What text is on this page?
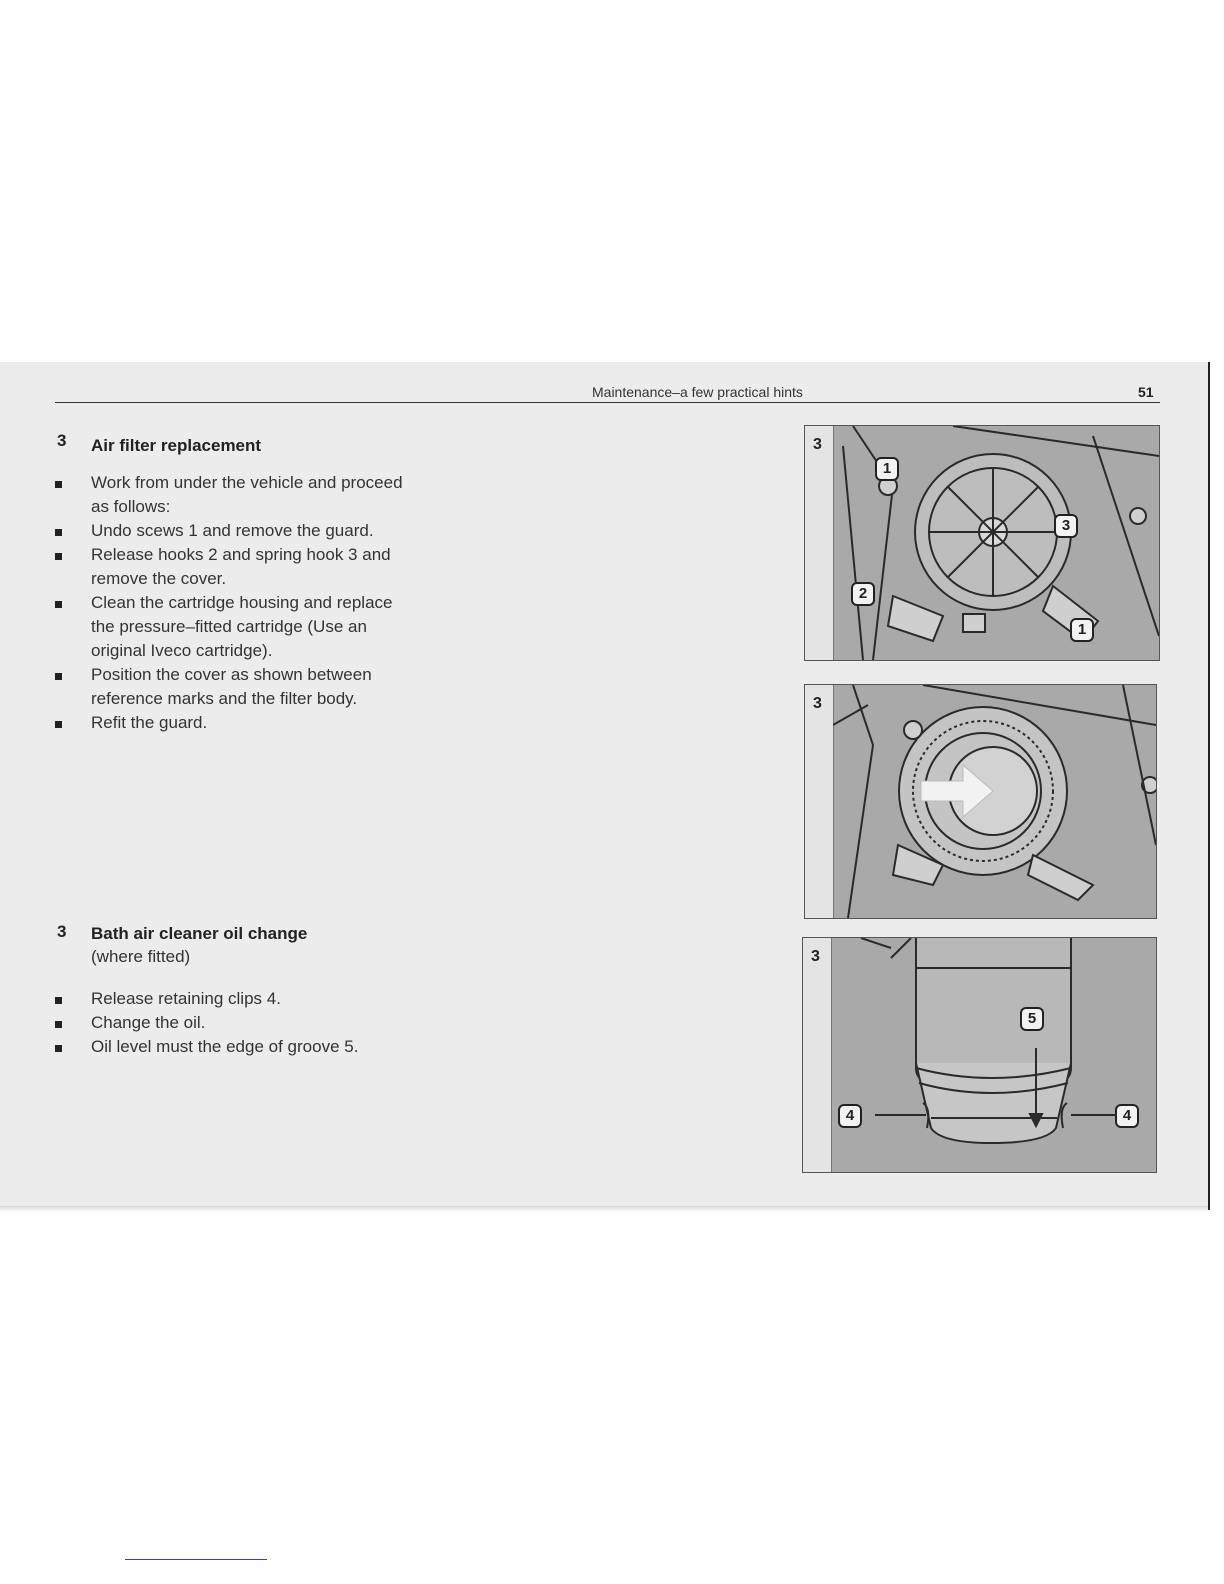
Maintenance–a few practical hints	51
3 Air filter replacement
Work from under the vehicle and proceed as follows:
Undo scews 1 and remove the guard.
Release hooks 2 and spring hook 3 and remove the cover.
Clean the cartridge housing and replace the pressure–fitted cartridge (Use an original Iveco cartridge).
Position the cover as shown between reference marks and the filter body.
Refit the guard.
3 Bath air cleaner oil change
(where fitted)
Release retaining clips 4.
Change the oil.
Oil level must the edge of groove 5.
3
1
3
2
1
3
3
5
4	4
